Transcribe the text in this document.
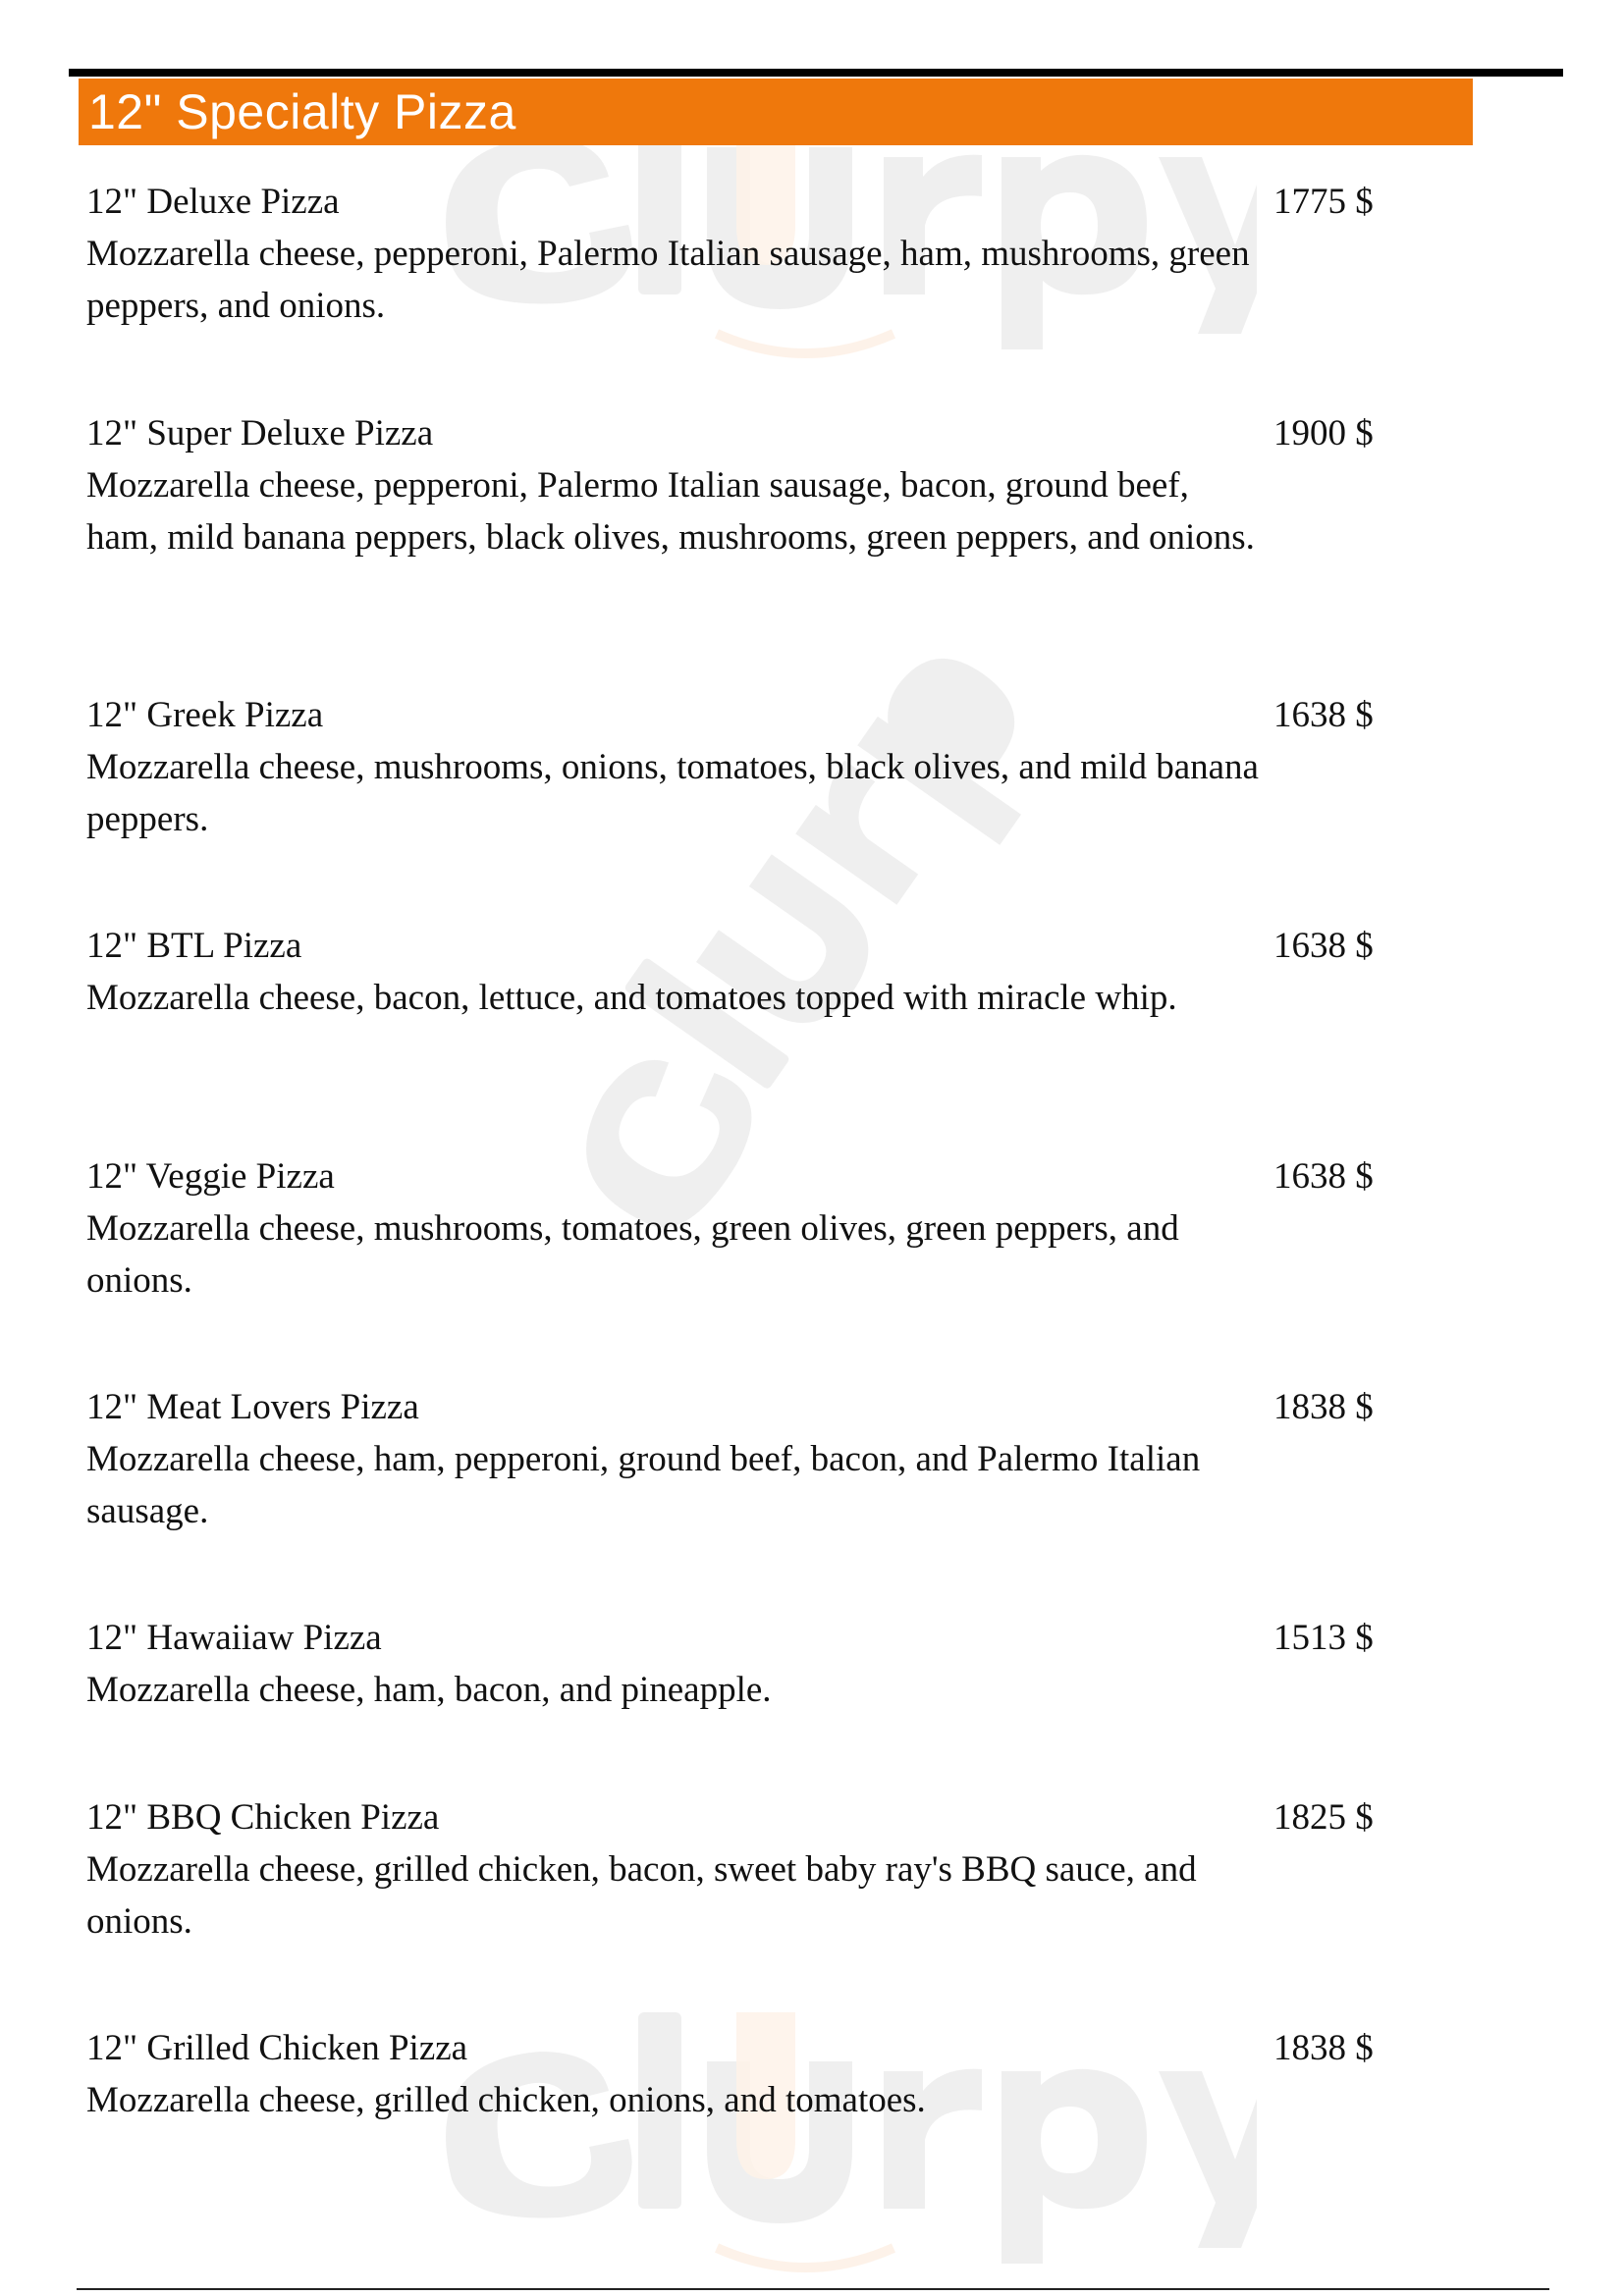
12" Specialty Pizza
12" Deluxe Pizza	1775 $
Mozzarella cheese, pepperoni, Palermo Italian sausage, ham, mushrooms, green peppers, and onions.
12" Super Deluxe Pizza	1900 $
Mozzarella cheese, pepperoni, Palermo Italian sausage, bacon, ground beef, ham, mild banana peppers, black olives, mushrooms, green peppers, and onions.
12" Greek Pizza	1638 $
Mozzarella cheese, mushrooms, onions, tomatoes, black olives, and mild banana peppers.
12" BTL Pizza	1638 $
Mozzarella cheese, bacon, lettuce, and tomatoes topped with miracle whip.
12" Veggie Pizza	1638 $
Mozzarella cheese, mushrooms, tomatoes, green olives, green peppers, and onions.
12" Meat Lovers Pizza	1838 $
Mozzarella cheese, ham, pepperoni, ground beef, bacon, and Palermo Italian sausage.
12" Hawaiiaw Pizza	1513 $
Mozzarella cheese, ham, bacon, and pineapple.
12" BBQ Chicken Pizza	1825 $
Mozzarella cheese, grilled chicken, bacon, sweet baby ray's BBQ sauce, and onions.
12" Grilled Chicken Pizza	1838 $
Mozzarella cheese, grilled chicken, onions, and tomatoes.
